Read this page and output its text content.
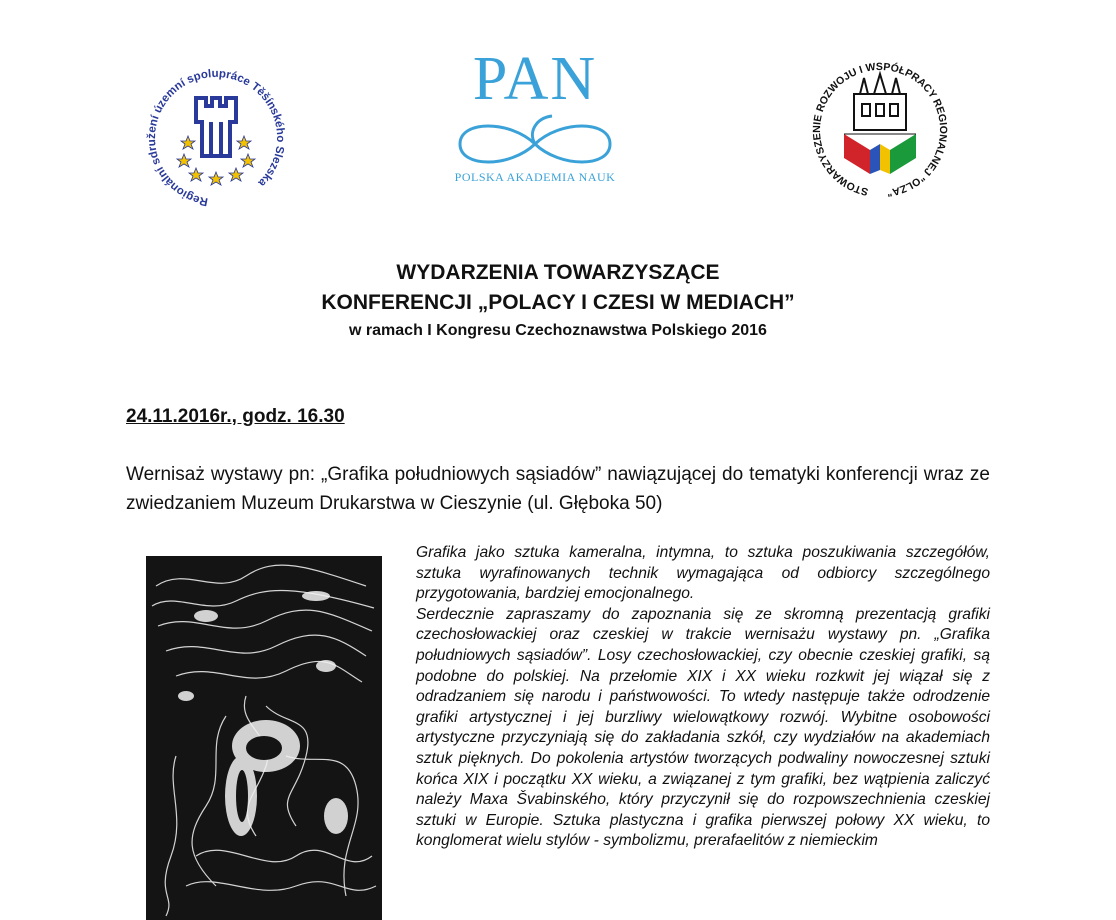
Regionální sdružení územní spolupráce Těšínského Slezska
PAN
POLSKA AKADEMIA NAUK
STOWARZYSZENIE ROZWOJU I WSPÓŁPRACY REGIONALNEJ "OLZA"
WYDARZENIA TOWARZYSZĄCE
KONFERENCJI „POLACY I CZESI W MEDIACH”
w ramach I Kongresu Czechoznawstwa Polskiego 2016
24.11.2016r., godz. 16.30
Wernisaż wystawy pn: „Grafika południowych sąsiadów” nawiązującej do tematyki konferencji wraz ze zwiedzaniem Muzeum Drukarstwa w Cieszynie (ul. Głęboka 50)

Grafika jako sztuka kameralna, intymna, to sztuka poszukiwania szczegółów, sztuka wyrafinowanych technik wymagająca od odbiorcy szczególnego przygotowania, bardziej emocjonalnego.

Serdecznie zapraszamy do zapoznania się ze skromną prezentacją grafiki czechosłowackiej oraz czeskiej w trakcie wernisażu wystawy pn. „Grafika południowych sąsiadów”. Losy czechosłowackiej, czy obecnie czeskiej grafiki, są podobne do polskiej. Na przełomie XIX i XX wieku rozkwit jej wiązał się z odradzaniem się narodu i państwowości. To wtedy następuje także odrodzenie grafiki artystycznej i jej burzliwy wielowątkowy rozwój. Wybitne osobowości artystyczne przyczyniają się do zakładania szkół, czy wydziałów na akademiach sztuk pięknych. Do pokolenia artystów tworzących podwaliny nowoczesnej sztuki końca XIX i początku XX wieku, a związanej z tym grafiki, bez wątpienia zaliczyć należy Maxa Švabinského, który przyczynił się do rozpowszechnienia czeskiej sztuki w Europie. Sztuka plastyczna i grafika pierwszej połowy XX wieku, to konglomerat wielu stylów - symbolizmu, prerafaelitów z niemieckim
